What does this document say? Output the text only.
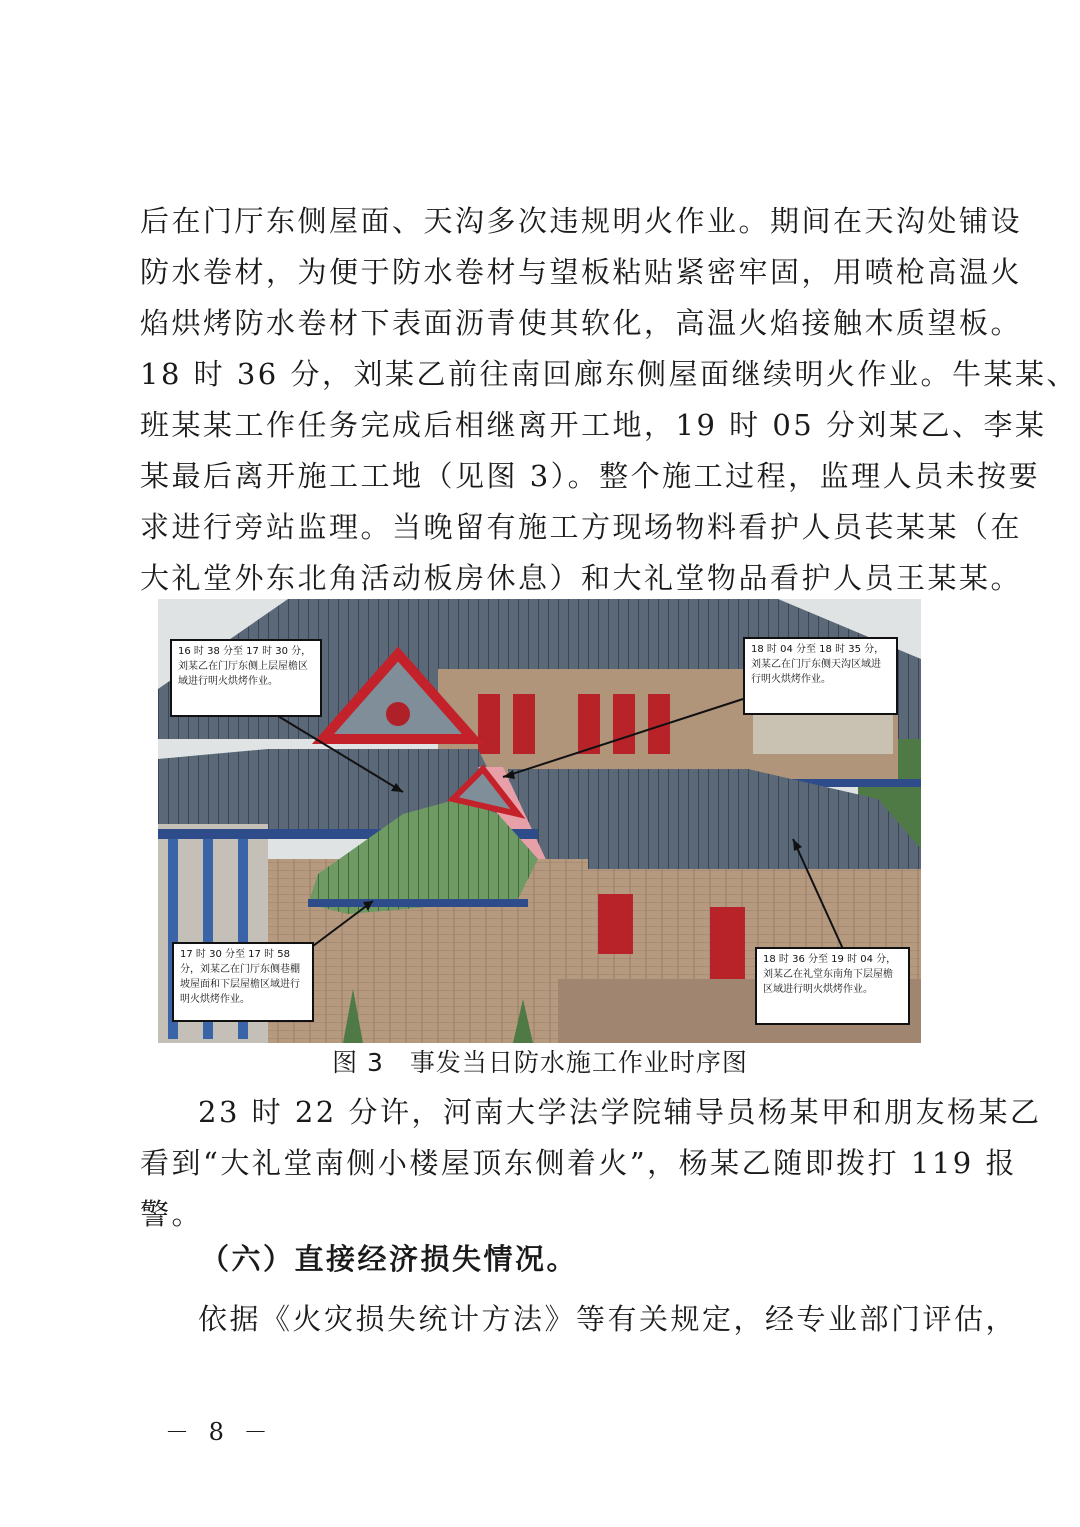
后在门厅东侧屋面、天沟多次违规明火作业。期间在天沟处铺设
防水卷材，为便于防水卷材与望板粘贴紧密牢固，用喷枪高温火
焰烘烤防水卷材下表面沥青使其软化，高温火焰接触木质望板。
18 时 36 分，刘某乙前往南回廊东侧屋面继续明火作业。牛某某、
班某某工作任务完成后相继离开工地，19 时 05 分刘某乙、李某
某最后离开施工工地（见图 3）。整个施工过程，监理人员未按要
求进行旁站监理。当晚留有施工方现场物料看护人员苌某某（在
大礼堂外东北角活动板房休息）和大礼堂物品看护人员王某某。
16 时 38 分至 17 时 30 分，刘某乙在门厅东侧上层屋檐区域进行明火烘烤作业。
18 时 04 分至 18 时 35 分，刘某乙在门厅东侧天沟区域进行明火烘烤作业。
17 时 30 分至 17 时 58 分，刘某乙在门厅东侧巷棚坡屋面和下层屋檐区域进行明火烘烤作业。
18 时 36 分至 19 时 04 分，刘某乙在礼堂东南角下层屋檐区域进行明火烘烤作业。
图 3　事发当日防水施工作业时序图
23 时 22 分许，河南大学法学院辅导员杨某甲和朋友杨某乙
看到“大礼堂南侧小楼屋顶东侧着火”，杨某乙随即拨打 119 报
警。
（六）直接经济损失情况。
依据《火灾损失统计方法》等有关规定，经专业部门评估，
－ 8 －
